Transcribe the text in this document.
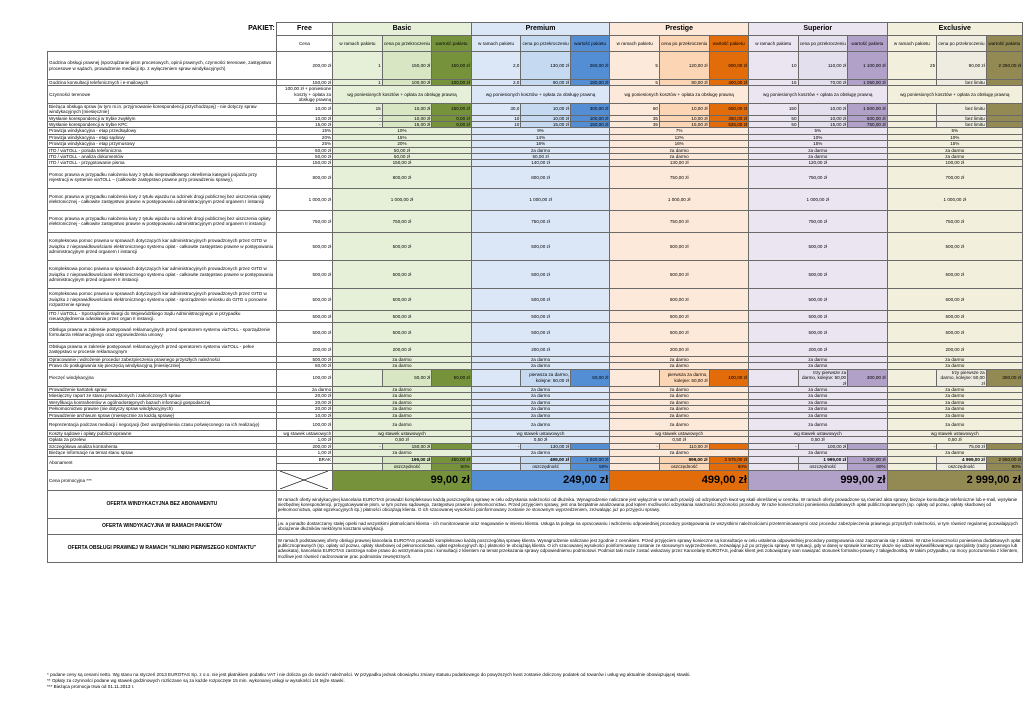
PAKIET:	Free	Basic			Premium			Prestige			Superior			Exclusive		
	Cena	w ramach pakietu	cena po przekroczeniu	wartość pakietu	w ramach pakietu	cena po przekroczeniu	wartość pakietu	w ramach pakietu	cena po przekroczeniu	wartość pakietu	w ramach pakietu	cena po przekroczeniu	wartość pakietu	w ramach pakietu	cena po przekroczeniu	wartość pakietu
Godzina obsługi prawnej (sporządzanie pism procesowych, opinii prawnych, czynności terenowe, zastępstwo procesowe w sądach, prowadzenie mediacji itp. z wyłączeniem spraw windykacyjnych)	200,00 zł	1	150,00 zł	150,00 zł	2,0	130,00 zł	260,00 zł	5	120,00 zł	600,00 zł	10	110,00 zł	1 100,00 zł	25	90,00 zł	2 250,00 zł
Godzina konsultacji telefonicznych i e-mailowych	150,00 zł	1	100,00 zł	100,00 zł	2,0	90,00 zł	180,00 zł	5	80,00 zł	400,00 zł	15	70,00 zł	1 050,00 zł		bez limitu	
Czynności terenowe	100,00 zł + poniesione koszty + opłata za obsługę prawną	wg poniesionych kosztów + opłata za obsługę prawną			wg poniesionych kosztów + opłata za obsługę prawną			wg poniesionych kosztów + opłata za obsługę prawną			wg poniesionych kosztów + opłata za obsługę prawną			wg poniesionych kosztów + opłata za obsługę prawną		
Bieżąca obsługa spraw (w tym m.in. przyjmowanie korespondencji przychodzącej) - nie dotyczy spraw windykacyjnych [miesięcznie]	10,00 zł	15	10,00 zł	150,00 zł	30,0	10,00 zł	300,00 zł	60	10,00 zł	600,00 zł	150	10,00 zł	1 500,00 zł		bez limitu	
Wysłanie korespondencji w trybie zwykłym	10,00 zł	-	10,00 zł	0,00 zł	10	10,00 zł	100,00 zł	35	10,00 zł	350,00 zł	50	10,00 zł	500,00 zł		bez limitu	
Wysłanie korespondencji w trybie KPC	15,00 zł	-	15,00 zł	0,00 zł	10	15,00 zł	150,00 zł	35	15,00 zł	525,00 zł	50	15,00 zł	750,00 zł		bez limitu	
Prowizja windykacyjna - etap przedsądowy	15%	10%			9%			7%			5%			5%		
Prowizja windykacyjna - etap sądowy	20%	15%			14%			12%			10%			10%		
Prowizja windykacyjna - etap przymusowy	25%	20%			18%			16%			15%			15%		
ITD / viaTOLL - porada telefoniczna	50,00 zł	50,00 zł			za darmo			za darmo			za darmo			za darmo		
ITD / viaTOLL - analiza dokumentów	50,00 zł	50,00 zł			50,00 zł			za darmo			za darmo			za darmo		
ITD / viaTOLL - przygotowanie pisma	150,00 zł	150,00 zł			140,00 zł			130,00 zł			120,00 zł			100,00 zł		
Pomoc prawna w przypadku nałożenia kary z tytułu nieprawidłowego określenia kategorii pojazdu przy rejestracji w systemie viaTOLL – (całkowite zastępstwo prawne przy prowadzeniu sprawy),	800,00 zł	800,00 zł			800,00 zł			750,00 zł			750,00 zł			700,00 zł		
Pomoc prawna w przypadku nałożenia kary z tytułu wjazdu na odcinek drogi publicznej bez uiszczenia opłaty elektronicznej - całkowite zastępstwo prawne w postępowaniu administracyjnym przed organem I instancji	1 000,00 zł	1 000,00 zł			1 000,00 zł			1 000,00 zł			1 000,00 zł			1 000,00 zł		
Pomoc prawna w przypadku nałożenia kary z tytułu wjazdu na odcinek drogi publicznej bez uiszczenia opłaty elektronicznej - całkowite zastępstwo prawne w postępowaniu administracyjnym przed organem II instancji	750,00 zł	750,00 zł			750,00 zł			750,00 zł			750,00 zł			750,00 zł		
Kompleksowa pomoc prawna w sprawach dotyczących kar administracyjnych prowadzonych przez GITD w związku z nieprawidłowościami elektronicznego systemu opłat - całkowite zastępstwo prawne w postępowaniu administracyjnym przed organem I instancji	500,00 zł	500,00 zł			500,00 zł			500,00 zł			500,00 zł			500,00 zł		
Kompleksowa pomoc prawna w sprawach dotyczących kar administracyjnych prowadzonych przez GITD w związku z nieprawidłowościami elektronicznego systemu opłat - całkowite zastępstwo prawne w postępowaniu administracyjnym przed organem II instancji	500,00 zł	500,00 zł			500,00 zł			500,00 zł			500,00 zł			500,00 zł		
Kompleksowa pomoc prawna w sprawach dotyczących kar administracyjnych prowadzonych przez GITD w związku z nieprawidłowościami elektronicznego systemu opłat - sporządzenie wniosku do GITD o ponowne rozpatrzenie sprawy	500,00 zł	500,00 zł			500,00 zł			500,00 zł			500,00 zł			500,00 zł		
ITD / viaTOLL - Sporządzenie skargi do Wojewódzkiego Sądu Administracyjnego w przypadku nieuwzględnienia odwołania przez organ II instancji.	500,00 zł	500,00 zł			500,00 zł			500,00 zł			500,00 zł			500,00 zł		
Obsługa prawna w zakresie postępowań reklamacyjnych przed operatorem systemu viaTOLL - sporządzenie formularza reklamacyjnego oraz wypowiedzenia umowy	500,00 zł	500,00 zł			500,00 zł			500,00 zł			500,00 zł			500,00 zł		
Obsługa prawna w zakresie postępowań reklamacyjnych przed operatorem systemu viaTOLL - pełne zastępstwo w procesie reklamacyjnym	200,00 zł	200,00 zł			200,00 zł			200,00 zł			200,00 zł			200,00 zł		
Opracowanie i wdrożenie procedur zabezpieczenia prawnego przyszłych należności	500,00 zł	za darmo			za darmo			za darmo			za darmo			za darmo		
Prawo do posługiwania się pieczęcią windykacyjną [miesięcznie]	50,00 zł	za darmo			za darmo			za darmo			za darmo			za darmo		
Pieczęć windykacyjna	100,00 zł		50,00 zł	50,00 zł		pierwsza za darmo, kolejne: 50,00 zł	50,00 zł		pierwsza za darmo, kolejne: 50,00 zł	100,00 zł		trzy pierwsze za darmo, kolejne: 50,00 zł	300,00 zł		trzy pierwsze za darmo, kolejne: 50,00 zł	300,00 zł
Prowadzenie kartotek spraw	za darmo	za darmo			za darmo			za darmo			za darmo			za darmo		
Miesięczny raport ze stanu prowadzonych i zakończonych spraw	20,00 zł	za darmo			za darmo			za darmo			za darmo			za darmo		
Weryfikacja kontrahentów w ogólnodostępnych bazach informacji gospodarczej	20,00 zł	za darmo			za darmo			za darmo			za darmo			za darmo		
Pełnomocnictwo prawne (nie dotyczy spraw windykacyjnych)	20,00 zł	za darmo			za darmo			za darmo			za darmo			za darmo		
Prowadzenie archiwum spraw (miesięcznie za każdą sprawę)	10,00 zł	za darmo			za darmo			za darmo			za darmo			za darmo		
Reprezentacja podczas mediacji i negocjacji (bez uwzględnienia czasu poświęconego na ich realizację)	100,00 zł	za darmo			za darmo			za darmo			za darmo			za darmo		
Koszty sądowe i opłaty publicznoprawne	wg stawek ustawowych	wg stawek ustawowych			wg stawek ustawowych			wg stawek ustawowych			wg stawek ustawowych			wg stawek ustawowych		
Opłata za przelew	1,00 zł	0,50 zł			0,50 zł			0,50 zł			0,50 zł			0,50 zł		
Szczegółowa analiza kontrahenta	200,00 zł	-	150,00 zł		-	130,00 zł		-	110,00 zł		-	100,00 zł		-	75,00 zł	
Bieżące informacje na temat stanu spraw	1,00 zł	za darmo			za darmo			za darmo			za darmo			za darmo		
Abonament	BRAK		199,00 zł	450,00 zł		499,00 zł	1 040,00 zł		999,00 zł	2 575,00 zł		1 999,00 zł	5 200,00 zł		4 999,00 zł	2 550,00 zł
			oszczędność	50%		oszczędność	50%		oszczędność	60%		oszczędność	60%		oszczędność	90%
Cena promocyjna ***		99,00 zł			249,00 zł			499,00 zł			999,00 zł			2 999,00 zł		
OFERTA WINDYKACYJNA BEZ ABONAMENTU	W ramach oferty windykacyjnej kancelaria EUROTAS prowadzi kompleksowo każdą poszczególną sprawę w celu odzyskania należności od dłużnika. Wynagrodzenie naliczane jest wyłącznie w ramach prowizji od odzyskanych kwot wg skali określonej w cenniku. W ramach oferty prowadzone są również akta sprawy, bieżące konsultacje telefoniczne lub e-mail, wysyłanie niezbędnej korespondencji, przygotowywanie pism, w tym pozwu sądowego, zastępstwo prawne i pełnomocnictwo. Przed przyjęciem sprawy, jest ona bezpłatnie analizowana pod kątem możliwości odzyskania należności złożoności procedury. W razie konieczności poniesienia dodatkowych opłat publicznoprawnych (np. opłaty od pozwu, opłaty skarbowej od pełnomocnictwa, opłat egzekucyjnych itp.) płatności obciążają klienta. O ich szacowanej wysokości poinformowany zostanie ze stosownym wyprzedzeniem, zezwalając już po przyjęciu sprawy.															
OFERTA WINDYKACYJNA W RAMACH PAKIETÓW	j.w. a ponadto dostarczamy stałej opieki nad wszystkimi płatnościami klienta - ich monitorowanie oraz reagowanie w imieniu klienta. Usługa ta polega na opracowaniu i wdrożeniu odpowiedniej procedury postępowania ze wszystkimi należnościami przeterminowanymi oraz procedur zabezpieczenia prawnego przyszłych należności, w tym również regularnej pozwalających obciążenie dłużników niektórymi kosztami windykacji.															
OFERTA OBSŁUGI PRAWNEJ W RAMACH "KLINIKI PIERWSZEGO KONTAKTU"	W ramach podstawowej oferty obsługi prawnej kancelaria EUROTAS prowadzi kompleksowo każdą poszczególną sprawę klienta. Wynagrodzenie naliczane jest zgodnie z cennikiem. Przed przyjęciem sprawy konieczne są konsultacje w celu ustalenia odpowiedniej procedury postępowania oraz zapoznania się z aktami. W razie konieczności poniesienia dodatkowych opłat publicznoprawnych (np. opłaty od pozwu, opłaty skarbowej od pełnomocnictwa, opłat egzekucyjnych itp.) płatności te obciążają klienta. O ich szacowanej wysokości poinformowany zostanie ze stosownym wyprzedzeniem, zezwalając już po przyjęciu sprawy. W sytuacji, gdy w danej w sprawie konieczny okaże się udział wykwalifikowanego specjalisty (radcy prawnego lub adwokata), kancelaria EUROTAS zastrzega sobie prawo do wstrzymania prac i konsultacji z klientem na temat przekazania sprawy odpowiedniemu podmiotowi. Podmiot taki może zostać wskazany przez Kancelarię EUROTAS, jednak klient jest zobowiązany sam nawiązać stosunek formalno-prawny z takąjednostką. W takim przypadku, na mocy porozumienia z klientem, możliwe jest również nadzorowanie prac podmiotów zewnętrznych.															
* podane ceny są cenami netto. Wg stanu na styczeń 2013 EUROTAS Sp. z o.o. nie jest płatnikiem podatku VAT i nie dolicza go do swoich należności. W przypadku jednak obowiązku zmiany statusu podatkowego do powyższych kwot zostanie doliczony podatek od towarów i usług wg aktualnie obowiązującej stawki.
** Opłaty za czynności podane wg stawek godzinowych rozliczane są za każde rozpoczęte 15 min. wykonanej usługi w wysokości 1/4 tejże stawki.
*** Bieżąca promocja trwa od 01.11.2013 r.
